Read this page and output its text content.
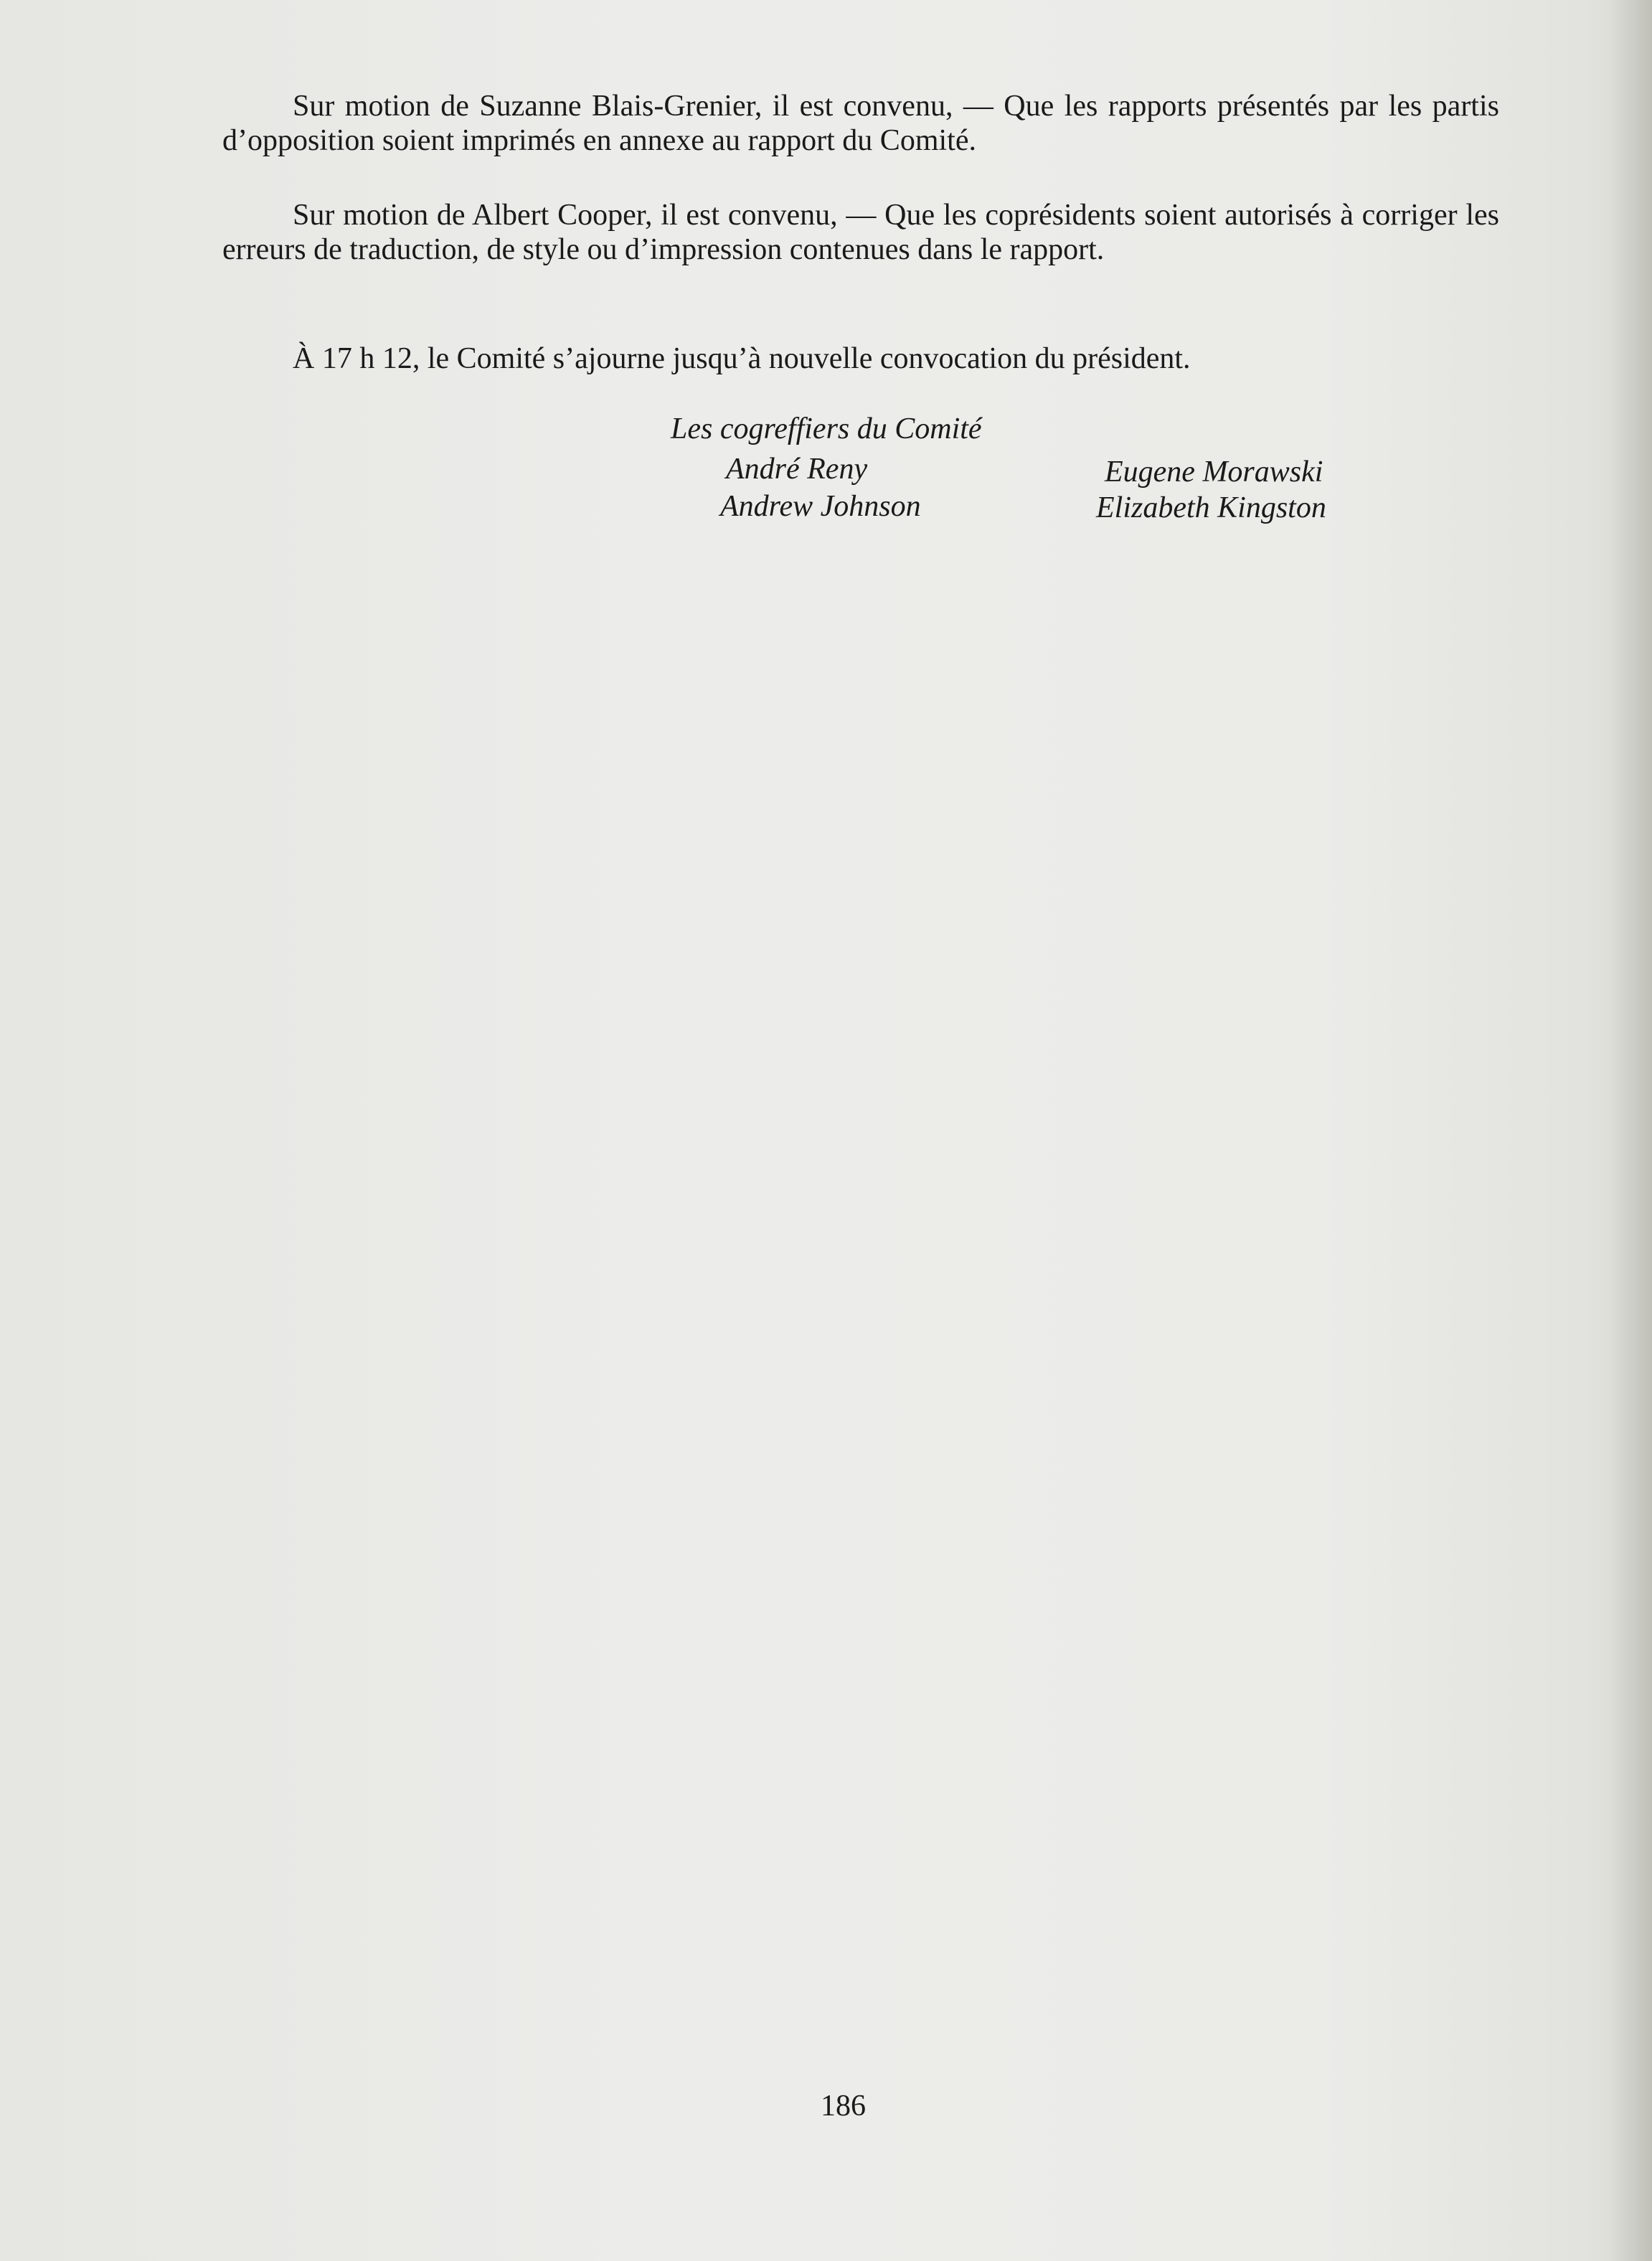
Sur motion de Suzanne Blais-Grenier, il est convenu, — Que les rapports présentés par les partis d’opposition soient imprimés en annexe au rapport du Comité.

Sur motion de Albert Cooper, il est convenu, — Que les coprésidents soient autorisés à corriger les erreurs de traduction, de style ou d’impression contenues dans le rapport.

À 17 h 12, le Comité s’ajourne jusqu’à nouvelle convocation du président.

Les cogreffiers du Comité
André Reny
Andrew Johnson
Eugene Morawski
Elizabeth Kingston
186
